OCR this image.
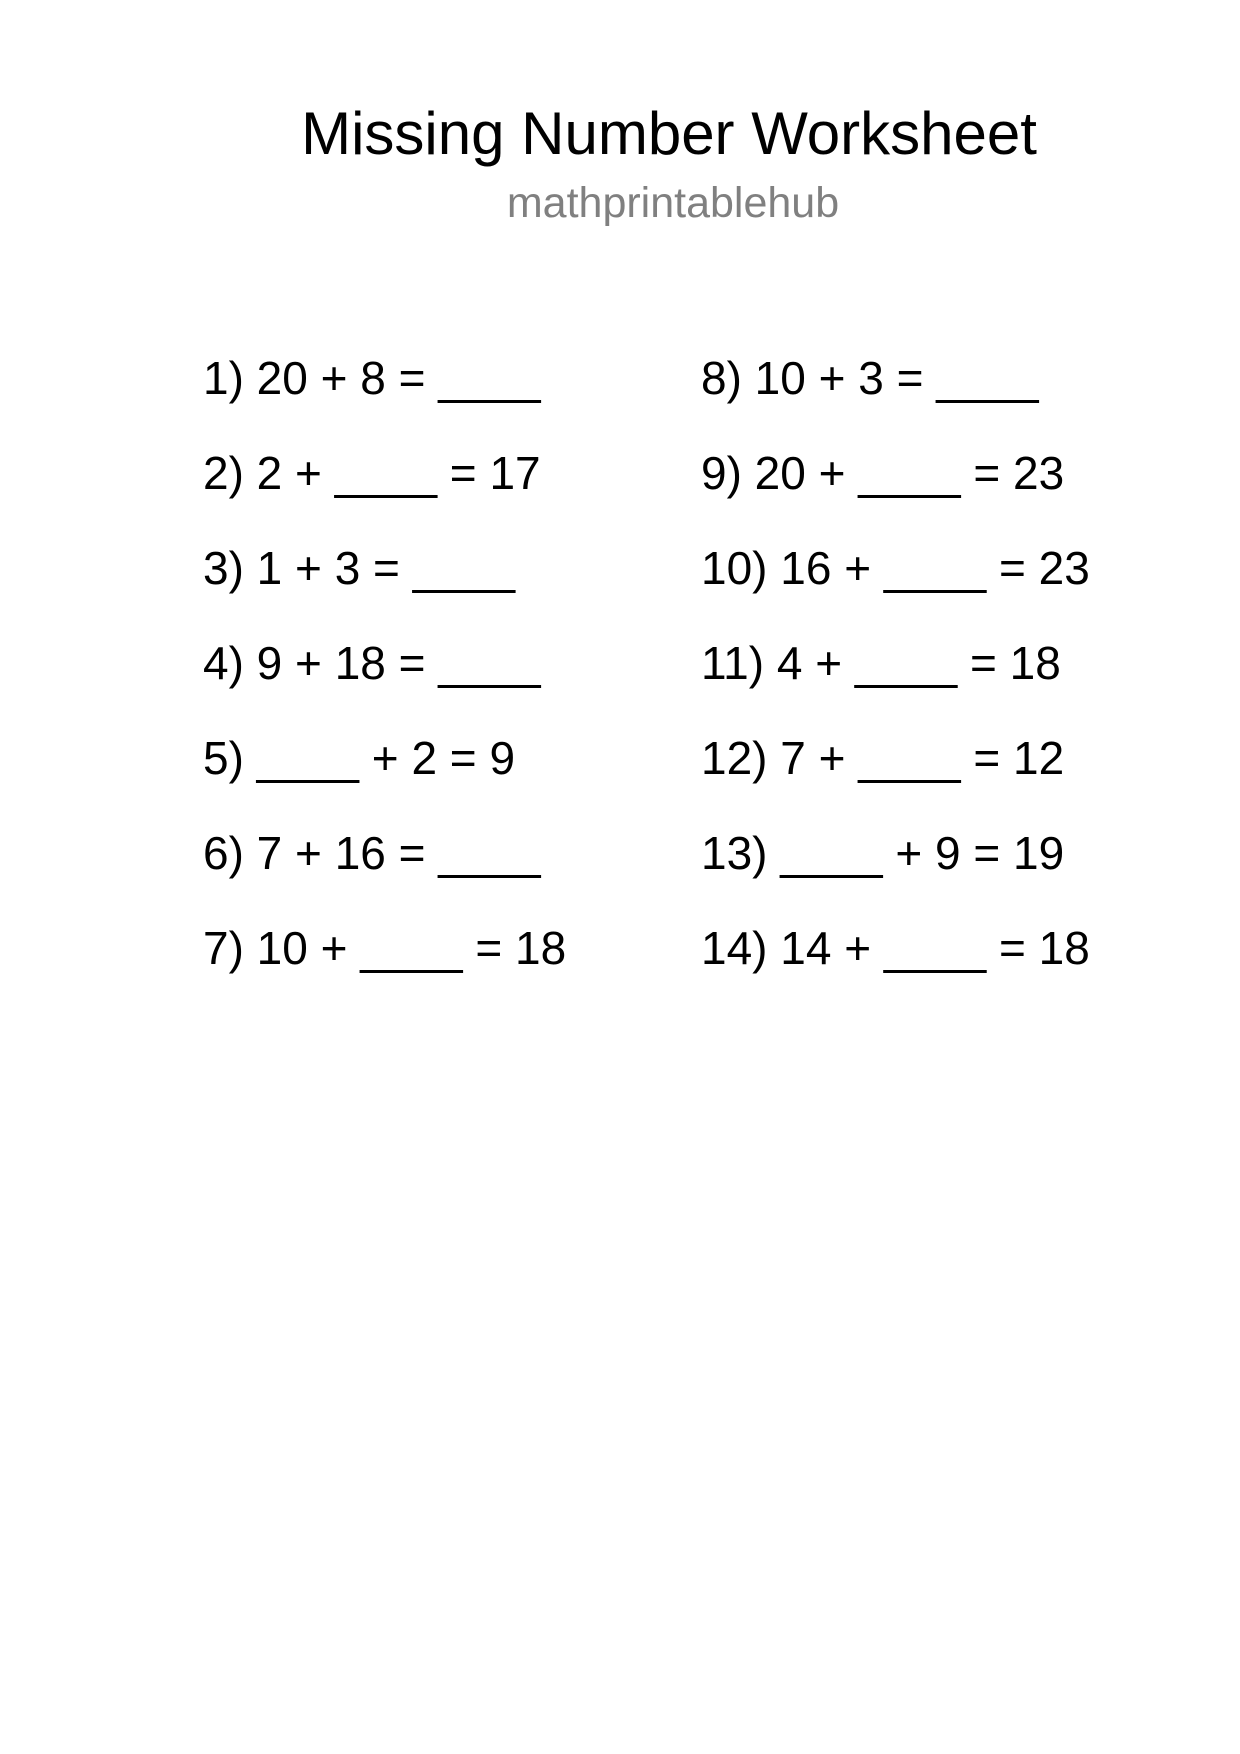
Missing Number Worksheet
mathprintablehub
1) 20 + 8 = ____
2) 2 + ____ = 17
3) 1 + 3 = ____
4) 9 + 18 = ____
5) ____ + 2 = 9
6) 7 + 16 = ____
7) 10 + ____ = 18
8) 10 + 3 = ____
9) 20 + ____ = 23
10) 16 + ____ = 23
11) 4 + ____ = 18
12) 7 + ____ = 12
13) ____ + 9 = 19
14) 14 + ____ = 18
